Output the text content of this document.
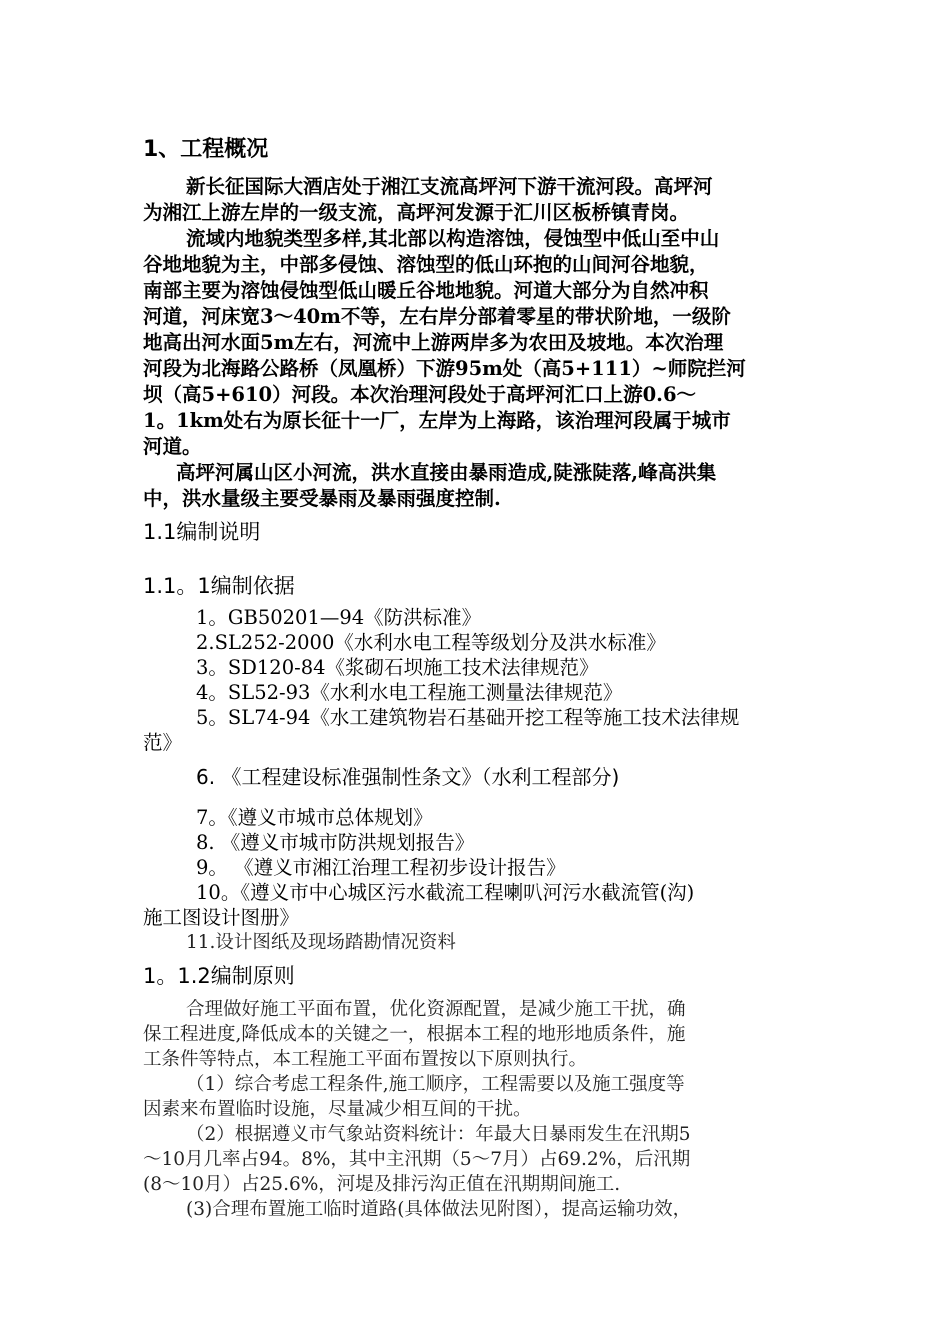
1、工程概况
新长征国际大酒店处于湘江支流高坪河下游干流河段。高坪河
为湘江上游左岸的一级支流，高坪河发源于汇川区板桥镇青岗。
流域内地貌类型多样,其北部以构造溶蚀，侵蚀型中低山至中山
谷地地貌为主，中部多侵蚀、溶蚀型的低山环抱的山间河谷地貌，
南部主要为溶蚀侵蚀型低山暖丘谷地地貌。河道大部分为自然冲积
河道，河床宽3～40m不等，左右岸分部着零星的带状阶地，一级阶
地高出河水面5m左右，河流中上游两岸多为农田及坡地。本次治理
河段为北海路公路桥（凤凰桥）下游95m处（高5+111）~师院拦河
坝（高5+610）河段。本次治理河段处于高坪河汇口上游0.6～
1。1km处右为原长征十一厂，左岸为上海路，该治理河段属于城市
河道。
高坪河属山区小河流，洪水直接由暴雨造成,陡涨陡落,峰高洪集
中，洪水量级主要受暴雨及暴雨强度控制.
1.1编制说明
1.1。1编制依据
1。GB50201—94《防洪标准》
2.SL252-2000《水利水电工程等级划分及洪水标准》
3。SD120-84《浆砌石坝施工技术法律规范》
4。SL52-93《水利水电工程施工测量法律规范》
5。SL74-94《水工建筑物岩石基础开挖工程等施工技术法律规
范》
6. 《工程建设标准强制性条文》（水利工程部分)
7。《遵义市城市总体规划》
8. 《遵义市城市防洪规划报告》
9。 《遵义市湘江治理工程初步设计报告》
10。《遵义市中心城区污水截流工程喇叭河污水截流管(沟)
施工图设计图册》
11.设计图纸及现场踏勘情况资料
1。1.2编制原则
合理做好施工平面布置，优化资源配置，是减少施工干扰，确
保工程进度,降低成本的关键之一，根据本工程的地形地质条件，施
工条件等特点，本工程施工平面布置按以下原则执行。
（1）综合考虑工程条件,施工顺序，工程需要以及施工强度等
因素来布置临时设施，尽量减少相互间的干扰。
（2）根据遵义市气象站资料统计：年最大日暴雨发生在汛期5
～10月几率占94。8%，其中主汛期（5～7月）占69.2%，后汛期
(8～10月）占25.6%，河堤及排污沟正值在汛期期间施工.
(3)合理布置施工临时道路(具体做法见附图），提高运输功效，
